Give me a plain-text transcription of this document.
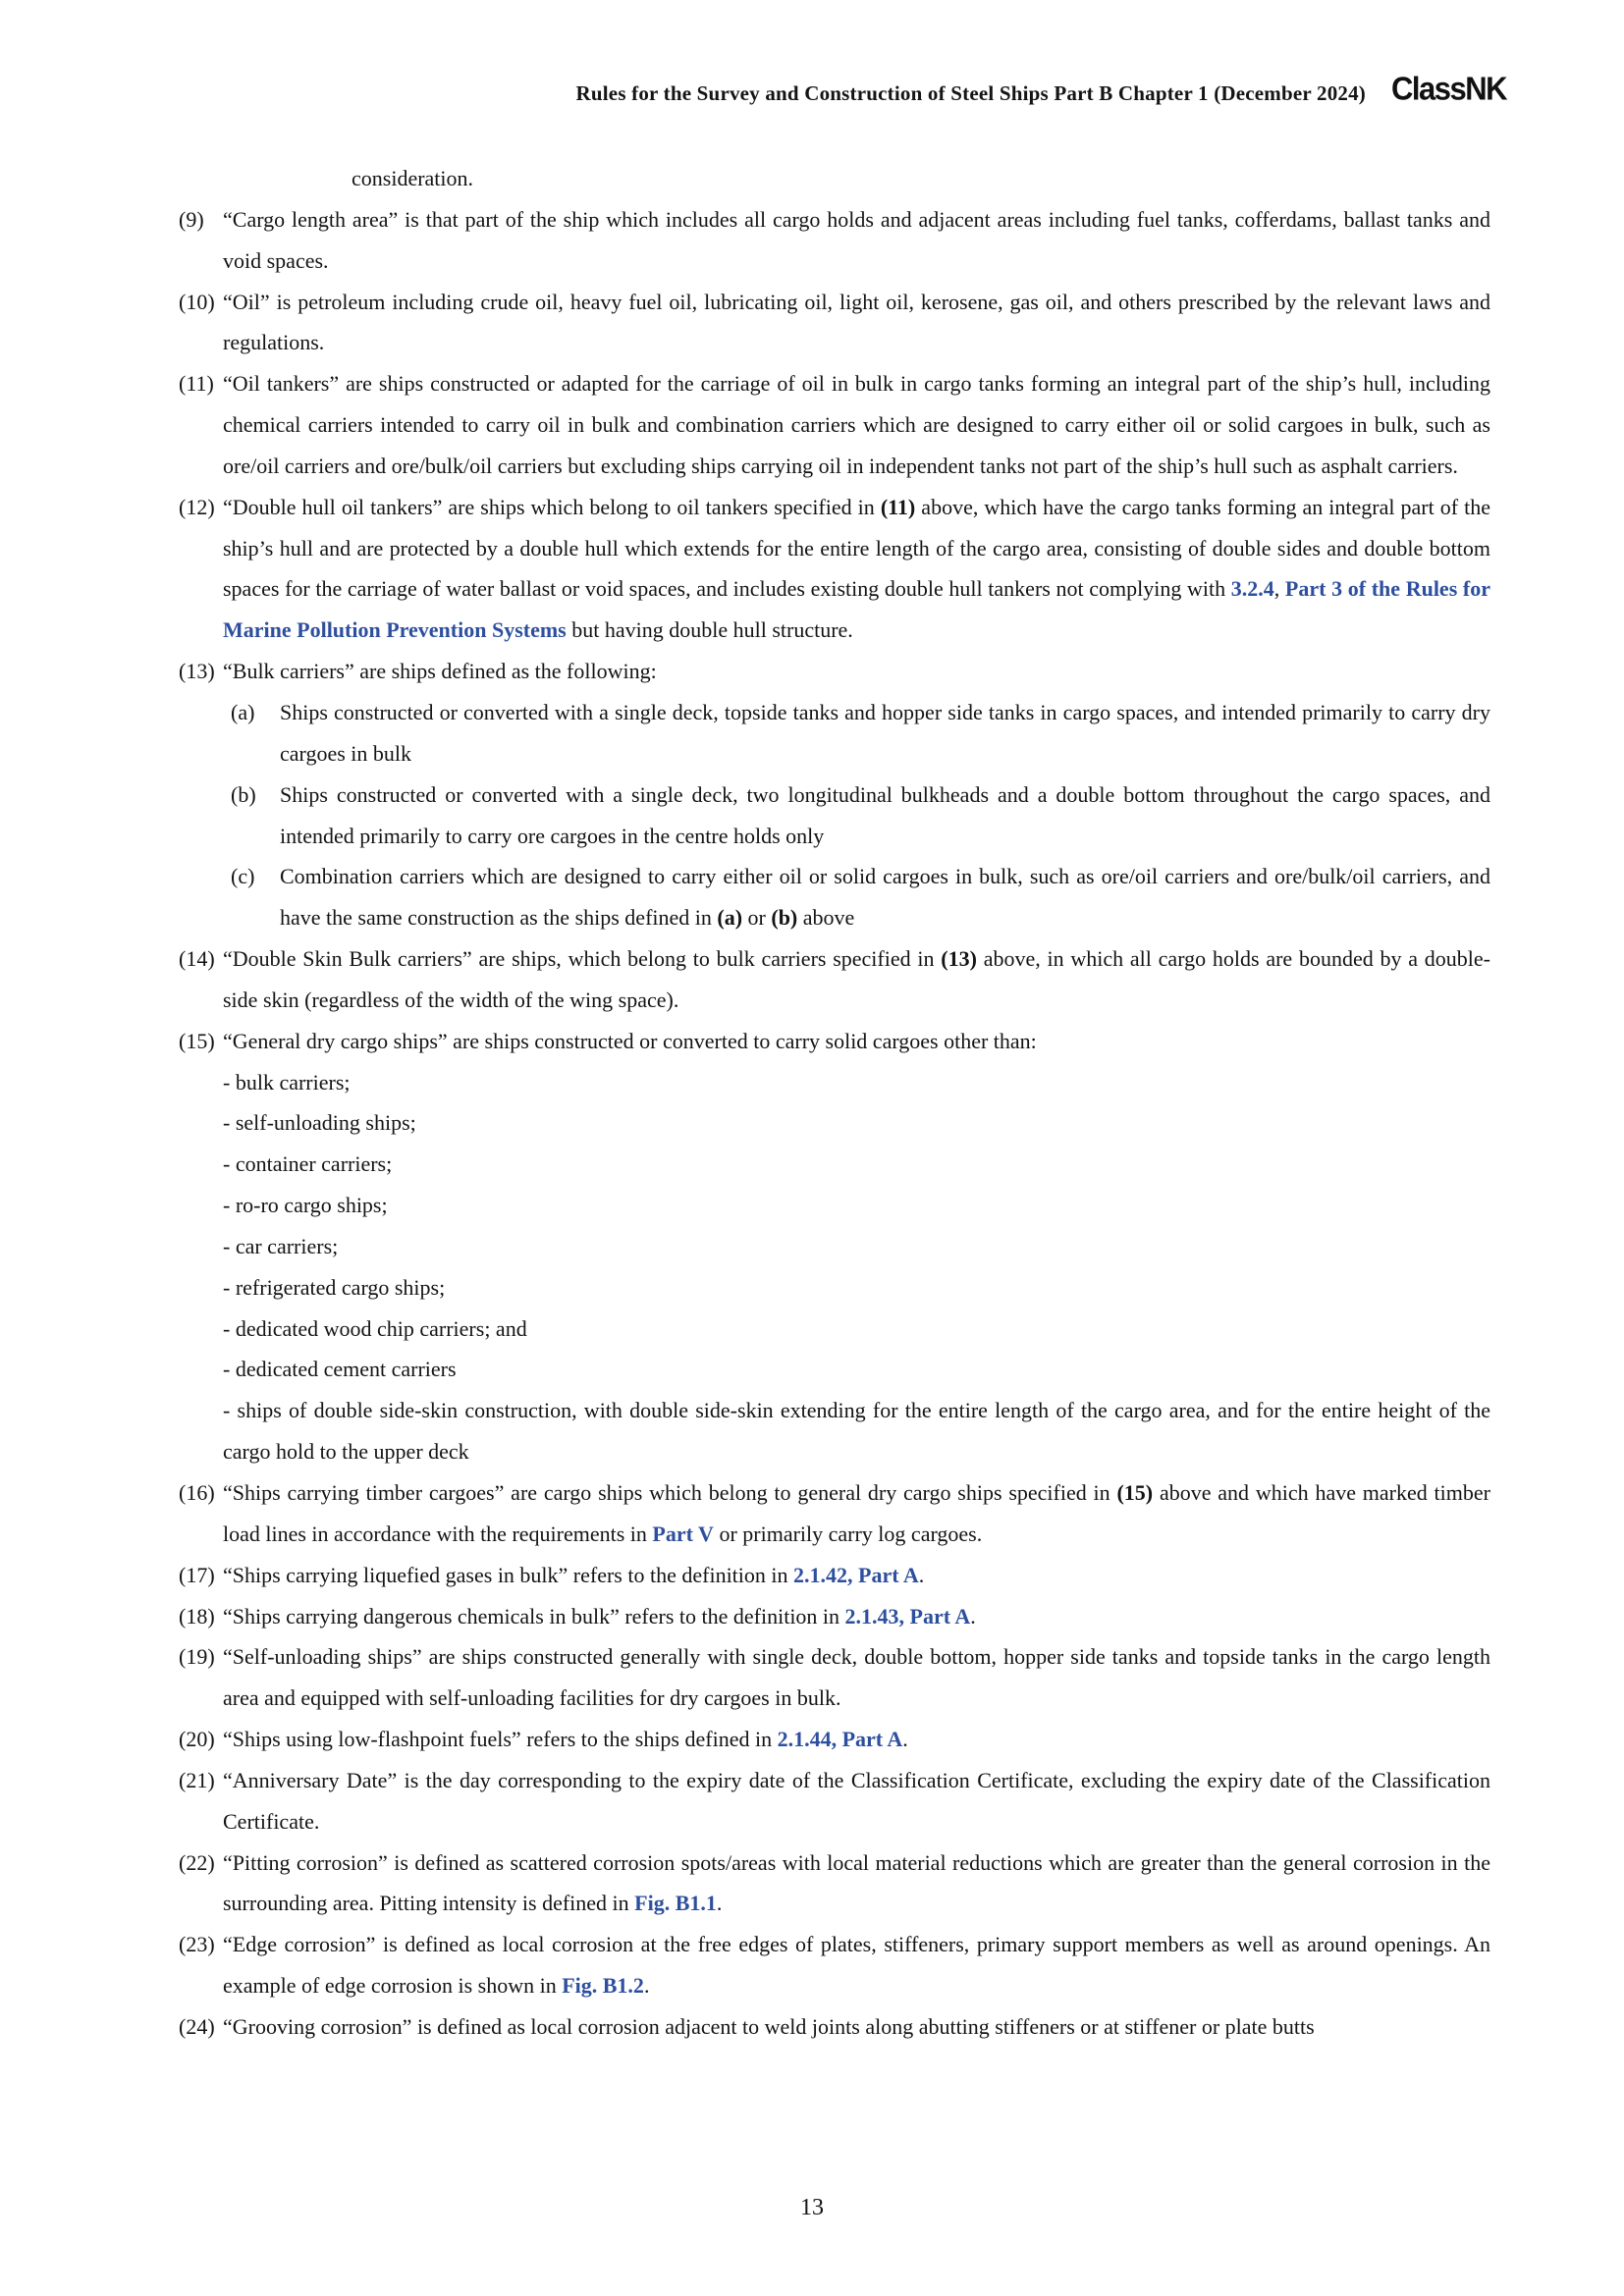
Rules for the Survey and Construction of Steel Ships Part B Chapter 1 (December 2024) ClassNK
consideration.
(9) “Cargo length area” is that part of the ship which includes all cargo holds and adjacent areas including fuel tanks, cofferdams, ballast tanks and void spaces.
(10) “Oil” is petroleum including crude oil, heavy fuel oil, lubricating oil, light oil, kerosene, gas oil, and others prescribed by the relevant laws and regulations.
(11) “Oil tankers” are ships constructed or adapted for the carriage of oil in bulk in cargo tanks forming an integral part of the ship’s hull, including chemical carriers intended to carry oil in bulk and combination carriers which are designed to carry either oil or solid cargoes in bulk, such as ore/oil carriers and ore/bulk/oil carriers but excluding ships carrying oil in independent tanks not part of the ship’s hull such as asphalt carriers.
(12) “Double hull oil tankers” are ships which belong to oil tankers specified in (11) above, which have the cargo tanks forming an integral part of the ship’s hull and are protected by a double hull which extends for the entire length of the cargo area, consisting of double sides and double bottom spaces for the carriage of water ballast or void spaces, and includes existing double hull tankers not complying with 3.2.4, Part 3 of the Rules for Marine Pollution Prevention Systems but having double hull structure.
(13) “Bulk carriers” are ships defined as the following:
(a) Ships constructed or converted with a single deck, topside tanks and hopper side tanks in cargo spaces, and intended primarily to carry dry cargoes in bulk
(b) Ships constructed or converted with a single deck, two longitudinal bulkheads and a double bottom throughout the cargo spaces, and intended primarily to carry ore cargoes in the centre holds only
(c) Combination carriers which are designed to carry either oil or solid cargoes in bulk, such as ore/oil carriers and ore/bulk/oil carriers, and have the same construction as the ships defined in (a) or (b) above
(14) “Double Skin Bulk carriers” are ships, which belong to bulk carriers specified in (13) above, in which all cargo holds are bounded by a double-side skin (regardless of the width of the wing space).
(15) “General dry cargo ships” are ships constructed or converted to carry solid cargoes other than:
- bulk carriers;
- self-unloading ships;
- container carriers;
- ro-ro cargo ships;
- car carriers;
- refrigerated cargo ships;
- dedicated wood chip carriers; and
- dedicated cement carriers
- ships of double side-skin construction, with double side-skin extending for the entire length of the cargo area, and for the entire height of the cargo hold to the upper deck
(16) “Ships carrying timber cargoes” are cargo ships which belong to general dry cargo ships specified in (15) above and which have marked timber load lines in accordance with the requirements in Part V or primarily carry log cargoes.
(17) “Ships carrying liquefied gases in bulk” refers to the definition in 2.1.42, Part A.
(18) “Ships carrying dangerous chemicals in bulk” refers to the definition in 2.1.43, Part A.
(19) “Self-unloading ships” are ships constructed generally with single deck, double bottom, hopper side tanks and topside tanks in the cargo length area and equipped with self-unloading facilities for dry cargoes in bulk.
(20) “Ships using low-flashpoint fuels” refers to the ships defined in 2.1.44, Part A.
(21) “Anniversary Date” is the day corresponding to the expiry date of the Classification Certificate, excluding the expiry date of the Classification Certificate.
(22) “Pitting corrosion” is defined as scattered corrosion spots/areas with local material reductions which are greater than the general corrosion in the surrounding area. Pitting intensity is defined in Fig. B1.1.
(23) “Edge corrosion” is defined as local corrosion at the free edges of plates, stiffeners, primary support members as well as around openings. An example of edge corrosion is shown in Fig. B1.2.
(24) “Grooving corrosion” is defined as local corrosion adjacent to weld joints along abutting stiffeners or at stiffener or plate butts
13
